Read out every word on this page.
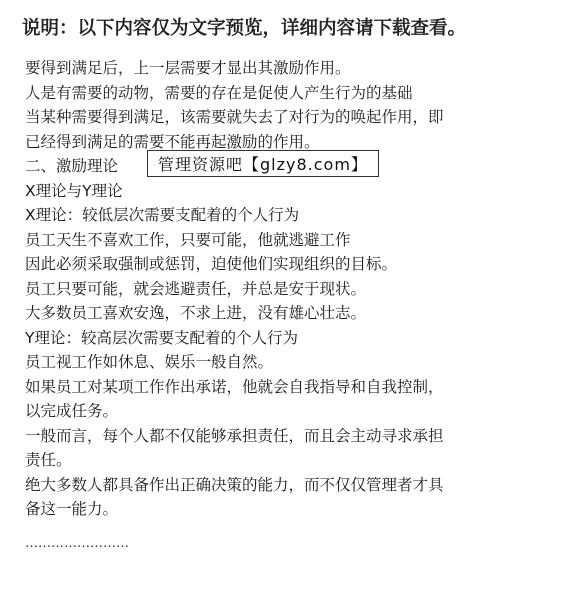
说明：以下内容仅为文字预览，详细内容请下载查看。
要得到满足后，上一层需要才显出其激励作用。
人是有需要的动物，需要的存在是促使人产生行为的基础
当某种需要得到满足，该需要就失去了对行为的唤起作用，即
已经得到满足的需要不能再起激励的作用。
二、激励理论
X理论与Y理论
X理论：较低层次需要支配着的个人行为
员工天生不喜欢工作，只要可能，他就逃避工作
因此必须采取强制或惩罚，迫使他们实现组织的目标。
员工只要可能，就会逃避责任，并总是安于现状。
大多数员工喜欢安逸，不求上进，没有雄心壮志。
Y理论：较高层次需要支配着的个人行为
员工视工作如休息、娱乐一般自然。
如果员工对某项工作作出承诺，他就会自我指导和自我控制，
以完成任务。
一般而言，每个人都不仅能够承担责任，而且会主动寻求承担
责任。
绝大多数人都具备作出正确决策的能力，而不仅仅管理者才具
备这一能力。
管理资源吧【glzy8.com】
……………………
